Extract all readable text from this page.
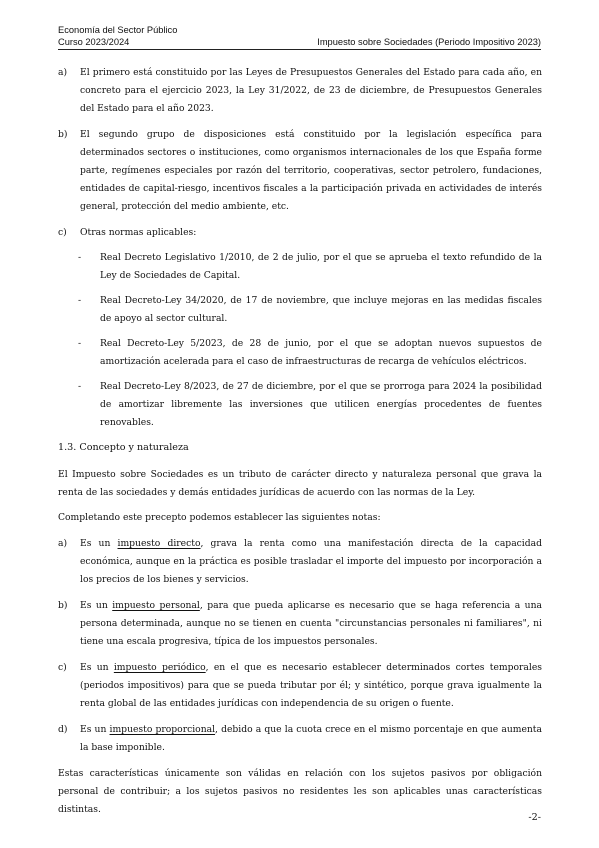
Economía del Sector Público
Curso 2023/2024	Impuesto sobre Sociedades (Periodo Impositivo 2023)
a)	El primero está constituido por las Leyes de Presupuestos Generales del Estado para cada año, en concreto para el ejercicio 2023, la Ley 31/2022, de 23 de diciembre, de Presupuestos Generales del Estado para el año 2023.
b)	El segundo grupo de disposiciones está constituido por la legislación específica para determinados sectores o instituciones, como organismos internacionales de los que España forme parte, regímenes especiales por razón del territorio, cooperativas, sector petrolero, fundaciones, entidades de capital-riesgo, incentivos fiscales a la participación privada en actividades de interés general, protección del medio ambiente, etc.
c)	Otras normas aplicables:
-	Real Decreto Legislativo 1/2010, de 2 de julio, por el que se aprueba el texto refundido de la Ley de Sociedades de Capital.
-	Real Decreto-Ley 34/2020, de 17 de noviembre, que incluye mejoras en las medidas fiscales de apoyo al sector cultural.
-	Real Decreto-Ley 5/2023, de 28 de junio, por el que se adoptan nuevos supuestos de amortización acelerada para el caso de infraestructuras de recarga de vehículos eléctricos.
-	Real Decreto-Ley 8/2023, de 27 de diciembre, por el que se prorroga para 2024 la posibilidad de amortizar libremente las inversiones que utilicen energías procedentes de fuentes renovables.
1.3. Concepto y naturaleza
El Impuesto sobre Sociedades es un tributo de carácter directo y naturaleza personal que grava la renta de las sociedades y demás entidades jurídicas de acuerdo con las normas de la Ley.
Completando este precepto podemos establecer las siguientes notas:
a)	Es un impuesto directo, grava la renta como una manifestación directa de la capacidad económica, aunque en la práctica es posible trasladar el importe del impuesto por incorporación a los precios de los bienes y servicios.
b)	Es un impuesto personal, para que pueda aplicarse es necesario que se haga referencia a una persona determinada, aunque no se tienen en cuenta "circunstancias personales ni familiares", ni tiene una escala progresiva, típica de los impuestos personales.
c)	Es un impuesto periódico, en el que es necesario establecer determinados cortes temporales (periodos impositivos) para que se pueda tributar por él; y sintético, porque grava igualmente la renta global de las entidades jurídicas con independencia de su origen o fuente.
d)	Es un impuesto proporcional, debido a que la cuota crece en el mismo porcentaje en que aumenta la base imponible.
Estas características únicamente son válidas en relación con los sujetos pasivos por obligación personal de contribuir; a los sujetos pasivos no residentes les son aplicables unas características distintas.
-2-
